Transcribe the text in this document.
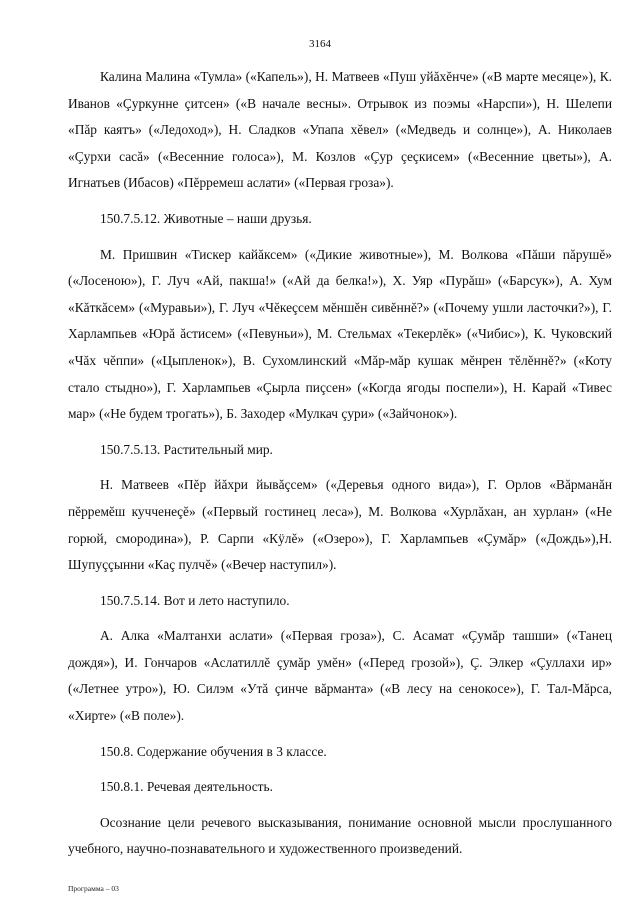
3164

Калина Малина «Тумла» («Капель»), Н. Матвеев «Пуш уйăхĕнче» («В марте месяце»), К. Иванов «Çуркунне çитсен» («В начале весны». Отрывок из поэмы «Нарспи»), Н. Шелепи «Пăр каятъ» («Ледоход»), Н. Сладков «Упапа хĕвел» («Медведь и солнце»), А. Николаев «Çурхи сасă» («Весенние голоса»), М. Козлов «Çур çеçкисем» («Весенние цветы»), А. Игнатьев (Ибасов) «Пĕрремеш аслати» («Первая гроза»).

150.7.5.12. Животные – наши друзья.

М. Пришвин «Тискер кайăксем» («Дикие животные»), М. Волкова «Пăши пăрушĕ» («Лосеною»), Г. Луч «Ай, пакша!» («Ай да белка!»), Х. Уяр «Пурăш» («Барсук»), А. Хум «Кăткăсем» («Муравьи»), Г. Луч «Чĕкеçсем мĕншĕн сивĕннĕ?» («Почему ушли ласточки?»), Г. Харлампьев «Юрă ăстисем» («Певуньи»), М. Стельмах «Текерлĕк» («Чибис»), К. Чуковский «Чăх чĕппи» («Цыпленок»), В. Сухомлинский «Мăр-мăр кушак мĕнрен тĕлĕннĕ?» («Коту стало стыдно»), Г. Харлампьев «Çырла пиçсен» («Когда ягоды поспели»), Н. Карай «Тивес мар» («Не будем трогать»), Б. Заходер «Мулкач çури» («Зайчонок»).

150.7.5.13. Растительный мир.

Н. Матвеев «Пĕр йăхри йывăçсем» («Деревья одного вида»), Г. Орлов «Вăрманăн пĕрремĕш кучченеçĕ» («Первый гостинец леса»), М. Волкова «Хурлăхан, ан хурлан» («Не горюй, смородина»), Р. Сарпи «Кÿлĕ» («Озеро»), Г. Харлампьев «Çумăр» («Дождь»),Н. Шупуççынни «Каç пулчĕ» («Вечер наступил»).

150.7.5.14. Вот и лето наступило.

А. Алка «Малтанхи аслати» («Первая гроза»), С. Асамат «Çумăр ташши» («Танец дождя»), И. Гончаров «Аслатиллĕ çумăр умĕн» («Перед грозой»), Ç. Элкер «Çуллахи ир» («Летнее утро»), Ю. Силэм «Утă çинче вăрманта» («В лесу на сенокосе»), Г. Тал-Мăрса, «Хирте» («В поле»).

150.8. Содержание обучения в 3 классе.

150.8.1. Речевая деятельность.

Осознание цели речевого высказывания, понимание основной мысли прослушанного учебного, научно-познавательного и художественного произведений.

Программа – 03
